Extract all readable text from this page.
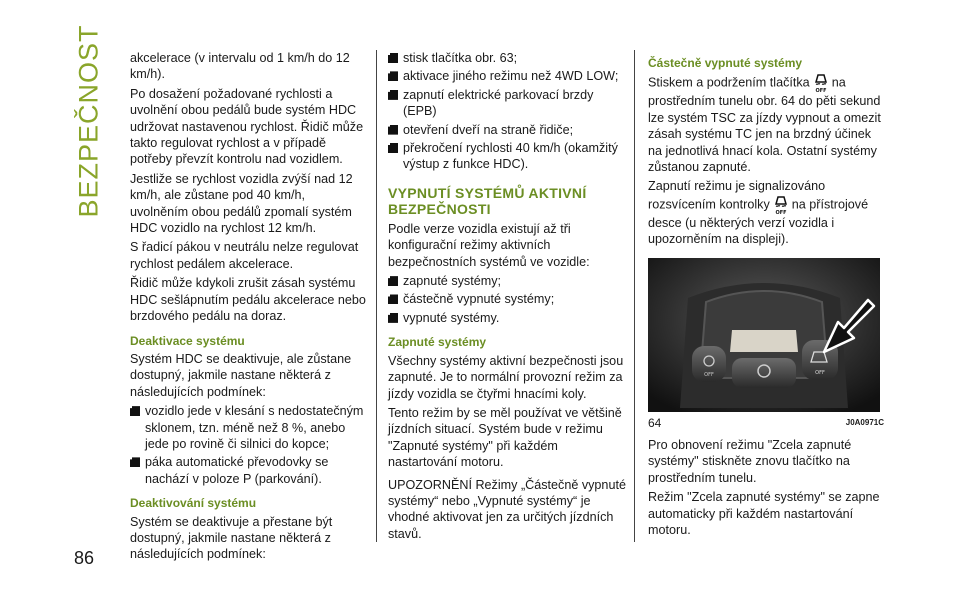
BEZPEČNOST
86

akcelerace (v intervalu od 1 km/h do 12 km/h).

Po dosažení požadované rychlosti a uvolnění obou pedálů bude systém HDC udržovat nastavenou rychlost. Řidič může takto regulovat rychlost a v případě potřeby převzít kontrolu nad vozidlem.

Jestliže se rychlost vozidla zvýší nad 12 km/h, ale zůstane pod 40 km/h, uvolněním obou pedálů zpomalí systém HDC vozidlo na rychlost 12 km/h.

S řadicí pákou v neutrálu nelze regulovat rychlost pedálem akcelerace.

Řidič může kdykoli zrušit zásah systému HDC sešlápnutím pedálu akcelerace nebo brzdového pedálu na doraz.

Deaktivace systému

Systém HDC se deaktivuje, ale zůstane dostupný, jakmile nastane některá z následujících podmínek:

vozidlo jede v klesání s nedostatečným sklonem, tzn. méně než 8 %, anebo jede po rovině či silnici do kopce;
páka automatické převodovky se nachází v poloze P (parkování).
Deaktivování systému

Systém se deaktivuje a přestane být dostupný, jakmile nastane některá z následujících podmínek:

stisk tlačítka obr. 63;
aktivace jiného režimu než 4WD LOW;
zapnutí elektrické parkovací brzdy (EPB)
otevření dveří na straně řidiče;
překročení rychlosti 40 km/h (okamžitý výstup z funkce HDC).
VYPNUTÍ SYSTÉMŮ AKTIVNÍ BEZPEČNOSTI

Podle verze vozidla existují až tři konfigurační režimy aktivních bezpečnostních systémů ve vozidle:

zapnuté systémy;
částečně vypnuté systémy;
vypnuté systémy.
Zapnuté systémy

Všechny systémy aktivní bezpečnosti jsou zapnuté. Je to normální provozní režim za jízdy vozidla se čtyřmi hnacími koly.

Tento režim by se měl používat ve většině jízdních situací. Systém bude v režimu "Zapnuté systémy" při každém nastartování motoru.

UPOZORNĚNÍ Režimy „Částečně vypnuté systémy“ nebo „Vypnuté systémy“ je vhodné aktivovat jen za určitých jízdních stavů.

Částečně vypnuté systémy

Stiskem a podržením tlačítka
OFF
na prostředním tunelu obr. 64 do pěti sekund lze systém TSC za jízdy vypnout a omezit zásah systému TC jen na brzdný účinek na jednotlivá hnací kola. Ostatní systémy zůstanou zapnuté.

Zapnutí režimu je signalizováno rozsvícením kontrolky
OFF
na přístrojové desce (u některých verzí vozidla i upozorněním na displeji).

OFF	OFF
64	J0A0971C

Pro obnovení režimu "Zcela zapnuté systémy" stiskněte znovu tlačítko na prostředním tunelu.

Režim "Zcela zapnuté systémy" se zapne automaticky při každém nastartování motoru.
